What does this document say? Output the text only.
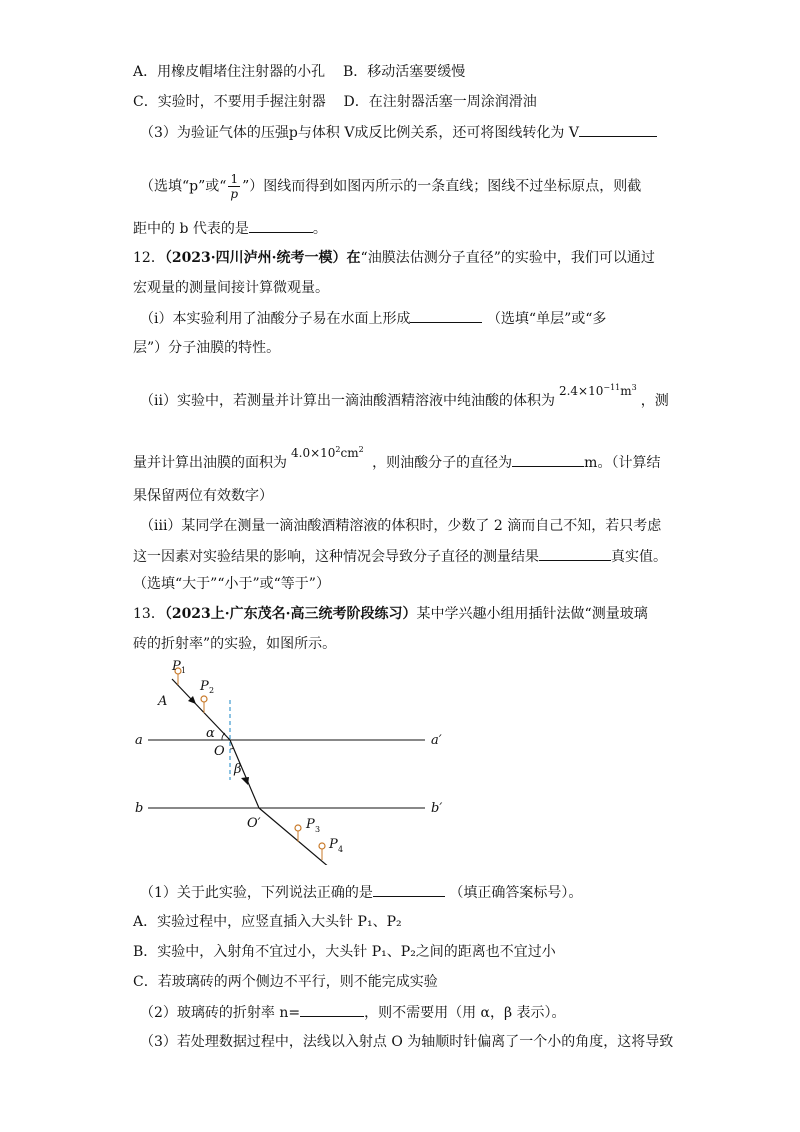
A．用橡皮帽堵住注射器的小孔 B．移动活塞要缓慢
C．实验时，不要用手握注射器 D．在注射器活塞一周涂润滑油
（3）为验证气体的压强p与体积 V成反比例关系，还可将图线转化为 V
（选填“p”或“ $\frac{1}{p}$ ”）图线而得到如图丙所示的一条直线；图线不过坐标原点，则截
距中的 b 代表的是	。
12．（2023·四川泸州·统考一模）在“油膜法估测分子直径”的实验中，我们可以通过
宏观量的测量间接计算微观量。
（i）本实验利用了油酸分子易在水面上形成	（选填“单层”或“多
层”）分子油膜的特性。
（ii）实验中，若测量并计算出一滴油酸酒精溶液中纯油酸的体积为$2.4\times 10^{-11}m^3$，测
量并计算出油膜的面积为$4.0\times 10^2cm^2$ ，则油酸分子的直径为	m。（计算结
果保留两位有效数字）
（iii）某同学在测量一滴油酸酒精溶液的体积时，少数了 2 滴而自己不知，若只考虑
这一因素对实验结果的影响，这种情况会导致分子直径的测量结果	真实值。
（选填“大于”“小于”或“等于”）
13．（2023上·广东茂名·高三统考阶段练习）某中学兴趣小组用插针法做“测量玻璃
砖的折射率”的实验，如图所示。
P 1
P 2
A
a	a′
α
O
β
b	b′
O′	P 3
P 4
（1）关于此实验，下列说法正确的是	（填正确答案标号）。
A．实验过程中，应竖直插入大头针 P₁、P₂
B．实验中，入射角不宜过小，大头针 P₁、P₂之间的距离也不宜过小
C．若玻璃砖的两个侧边不平行，则不能完成实验
（2）玻璃砖的折射率 n=	，则不需要用（用 α，β 表示）。
（3）若处理数据过程中，法线以入射点 O 为轴顺时针偏离了一个小的角度，这将导致
